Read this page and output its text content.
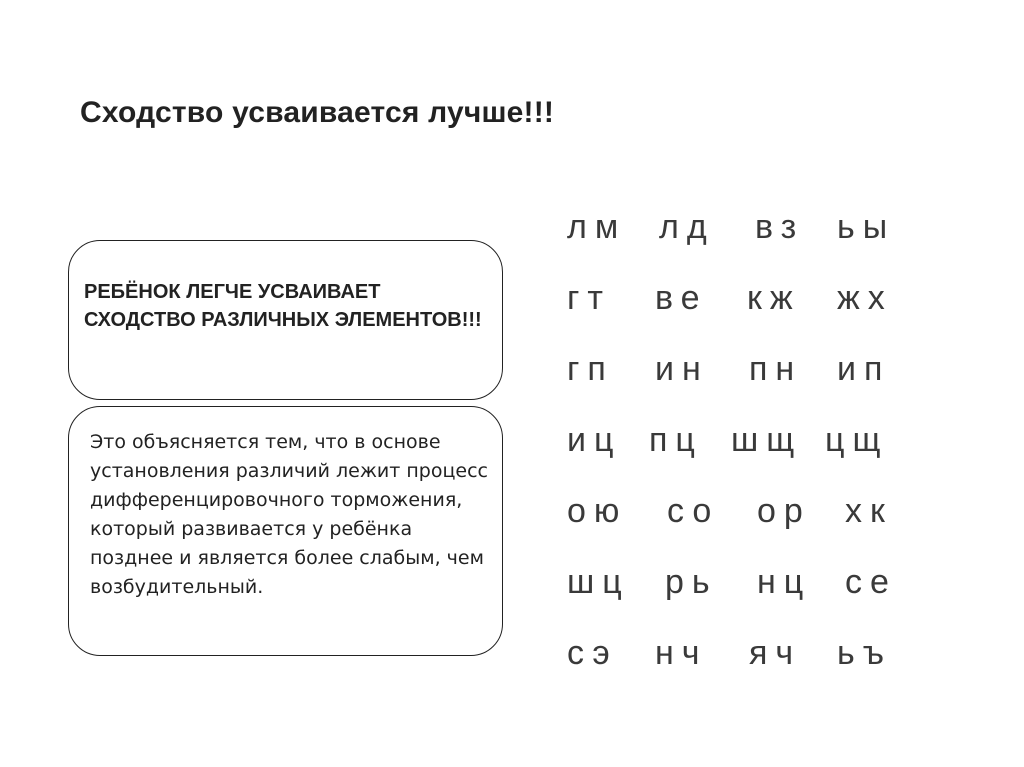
Сходство усваивается лучше!!!
РЕБЁНОК ЛЕГЧЕ УСВАИВАЕТ СХОДСТВО РАЗЛИЧНЫХ ЭЛЕМЕНТОВ!!!
Это объясняется тем, что в основе установления различий лежит процесс дифференцировочного торможения, который развивается у ребёнка позднее и является более слабым, чем возбудительный.
лм лд вз ьы
гт ве кж жх
гп ин пн ип
иц пц шщ цщ
ою со ор хк
шц рь нц се
сэ нч яч ьъ
